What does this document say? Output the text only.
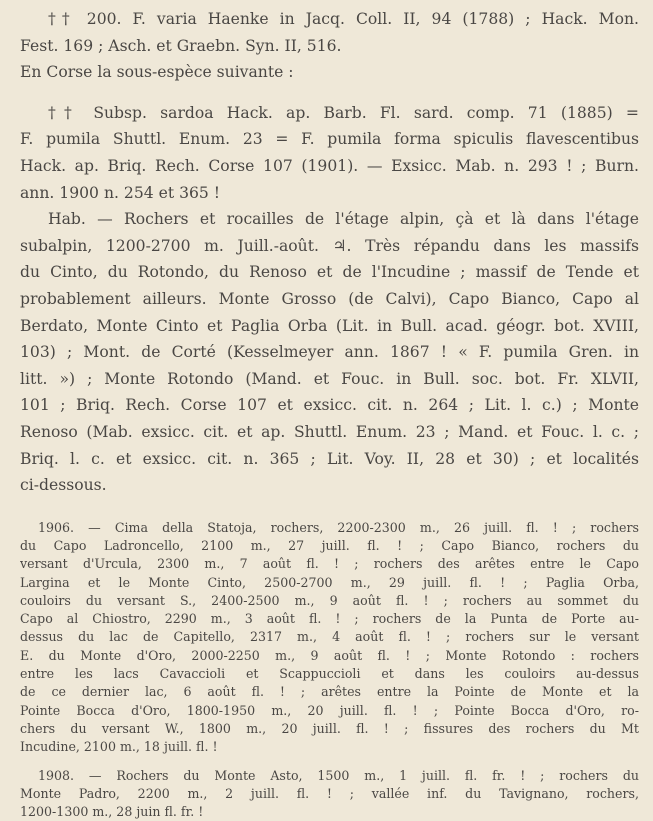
†† 200. F. varia Haenke in Jacq. Coll. II, 94 (1788) ; Hack. Mon.
Fest. 169 ; Asch. et Graebn. Syn. II, 516.
En Corse la sous-espèce suivante :
†† Subsp. sardoa Hack. ap. Barb. Fl. sard. comp. 71 (1885) =
F. pumila Shuttl. Enum. 23 = F. pumila forma spiculis flavescentibus
Hack. ap. Briq. Rech. Corse 107 (1901). — Exsicc. Mab. n. 293 ! ; Burn.
ann. 1900 n. 254 et 365 !
Hab. — Rochers et rocailles de l'étage alpin, çà et là dans l'étage
subalpin, 1200-2700 m. Juill.-août. ♃. Très répandu dans les massifs
du Cinto, du Rotondo, du Renoso et de l'Incudine ; massif de Tende et
probablement ailleurs. Monte Grosso (de Calvi), Capo Bianco, Capo al
Berdato, Monte Cinto et Paglia Orba (Lit. in Bull. acad. géogr. bot. XVIII,
103) ; Mont. de Corté (Kesselmeyer ann. 1867 ! « F. pumila Gren. in
litt. ») ; Monte Rotondo (Mand. et Fouc. in Bull. soc. bot. Fr. XLVII,
101 ; Briq. Rech. Corse 107 et exsicc. cit. n. 264 ; Lit. l. c.) ; Monte
Renoso (Mab. exsicc. cit. et ap. Shuttl. Enum. 23 ; Mand. et Fouc. l. c. ;
Briq. l. c. et exsicc. cit. n. 365 ; Lit. Voy. II, 28 et 30) ; et localités
ci-dessous.
1906. — Cima della Statoja, rochers, 2200-2300 m., 26 juill. fl. ! ; rochers
du Capo Ladroncello, 2100 m., 27 juill. fl. ! ; Capo Bianco, rochers du
versant d'Urcula, 2300 m., 7 août fl. ! ; rochers des arêtes entre le Capo
Largina et le Monte Cinto, 2500-2700 m., 29 juill. fl. ! ; Paglia Orba,
couloirs du versant S., 2400-2500 m., 9 août fl. ! ; rochers au sommet du
Capo al Chiostro, 2290 m., 3 août fl. ! ; rochers de la Punta de Porte au-
dessus du lac de Capitello, 2317 m., 4 août fl. ! ; rochers sur le versant
E. du Monte d'Oro, 2000-2250 m., 9 août fl. ! ; Monte Rotondo : rochers
entre les lacs Cavaccioli et Scappuccioli et dans les couloirs au-dessus
de ce dernier lac, 6 août fl. ! ; arêtes entre la Pointe de Monte et la
Pointe Bocca d'Oro, 1800-1950 m., 20 juill. fl. ! ; Pointe Bocca d'Oro, ro-
chers du versant W., 1800 m., 20 juill. fl. ! ; fissures des rochers du Mt
Incudine, 2100 m., 18 juill. fl. !
1908. — Rochers du Monte Asto, 1500 m., 1 juill. fl. fr. ! ; rochers du
Monte Padro, 2200 m., 2 juill. fl. ! ; vallée inf. du Tavignano, rochers,
1200-1300 m., 28 juin fl. fr. !
